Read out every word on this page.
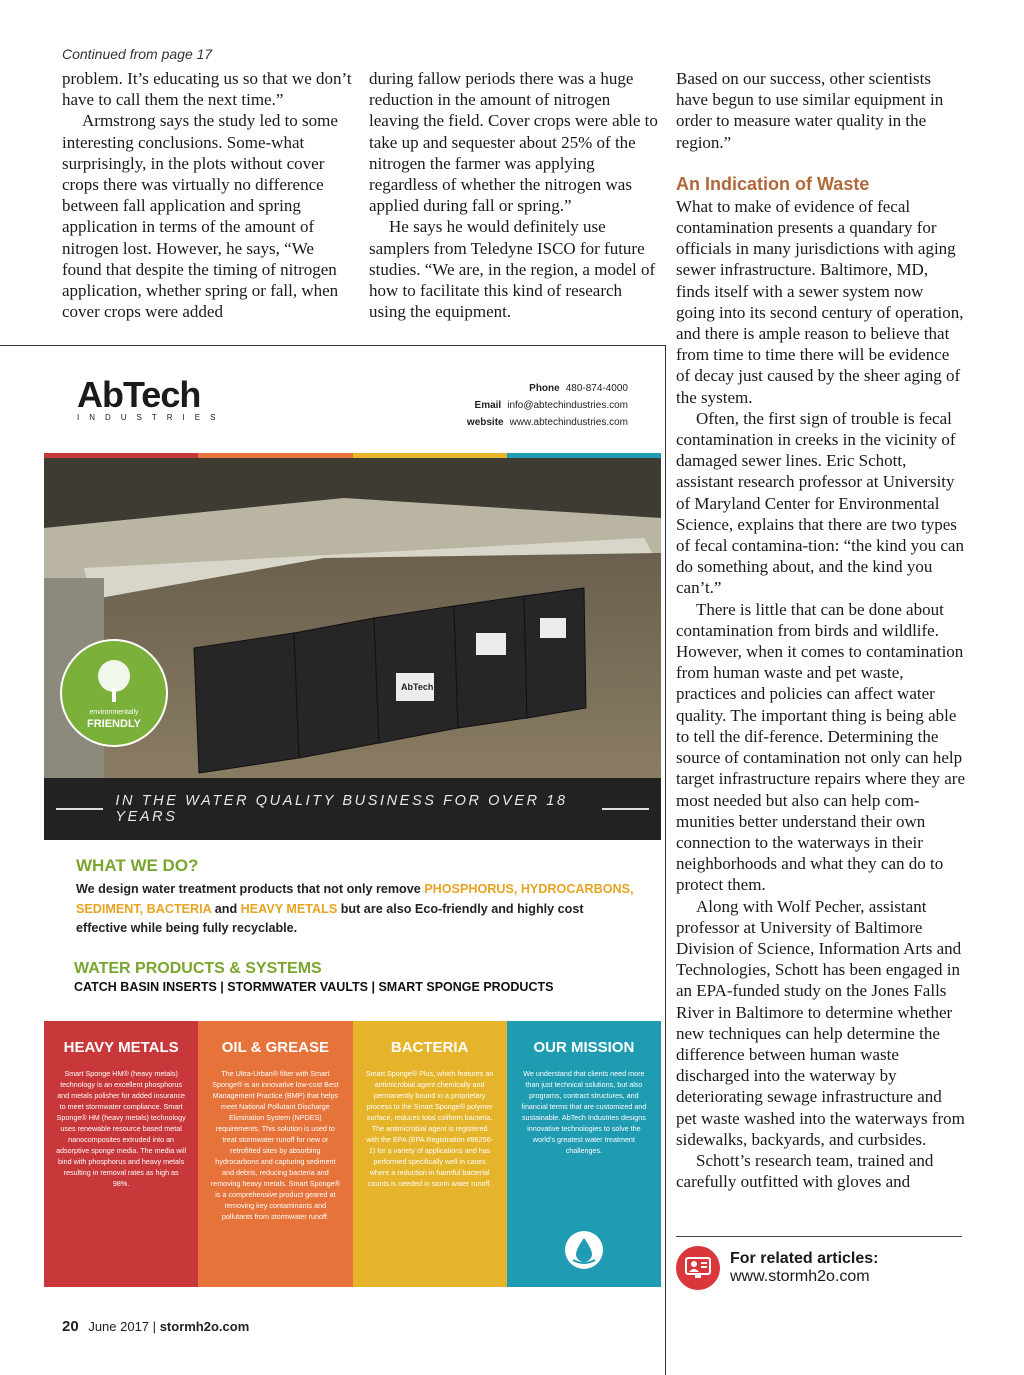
Continued from page 17

problem. It’s educating us so that we don’t have to call them the next time.”

Armstrong says the study led to some interesting conclusions. Some-what surprisingly, in the plots without cover crops there was virtually no difference between fall application and spring application in terms of the amount of nitrogen lost. However, he says, “We found that despite the timing of nitrogen application, whether spring or fall, when cover crops were added

during fallow periods there was a huge reduction in the amount of nitrogen leaving the field. Cover crops were able to take up and sequester about 25% of the nitrogen the farmer was applying regardless of whether the nitrogen was applied during fall or spring.”

He says he would definitely use samplers from Teledyne ISCO for future studies. “We are, in the region, a model of how to facilitate this kind of research using the equipment.

Based on our success, other scientists have begun to use similar equipment in order to measure water quality in the region.”

An Indication of Waste

What to make of evidence of fecal contamination presents a quandary for officials in many jurisdictions with aging sewer infrastructure. Baltimore, MD, finds itself with a sewer system now going into its second century of operation, and there is ample reason to believe that from time to time there will be evidence of decay just caused by the sheer aging of the system.

Often, the first sign of trouble is fecal contamination in creeks in the vicinity of damaged sewer lines. Eric Schott, assistant research professor at University of Maryland Center for Environmental Science, explains that there are two types of fecal contamina-tion: “the kind you can do something about, and the kind you can’t.”

There is little that can be done about contamination from birds and wildlife. However, when it comes to contamination from human waste and pet waste, practices and policies can affect water quality. The important thing is being able to tell the dif-ference. Determining the source of contamination not only can help target infrastructure repairs where they are most needed but also can help com-munities better understand their own connection to the waterways in their neighborhoods and what they can do to protect them.

Along with Wolf Pecher, assistant professor at University of Baltimore Division of Science, Information Arts and Technologies, Schott has been engaged in an EPA-funded study on the Jones Falls River in Baltimore to determine whether new techniques can help determine the difference between human waste discharged into the waterway by deteriorating sewage infrastructure and pet waste washed into the waterways from sidewalks, backyards, and curbsides.

Schott’s research team, trained and carefully outfitted with gloves and

AbTech
INDUSTRIES
Phone 480-874-4000
Email info@abtechindustries.com
website www.abtechindustries.com
AbTech
environmentally
FRIENDLY
IN THE WATER QUALITY BUSINESS FOR OVER 18 YEARS
WHAT WE DO?
We design water treatment products that not only remove PHOSPHORUS, HYDROCARBONS, SEDIMENT, BACTERIA and HEAVY METALS but are also Eco-friendly and highly cost effective while being fully recyclable.
WATER PRODUCTS & SYSTEMS
CATCH BASIN INSERTS | STORMWATER VAULTS | SMART SPONGE PRODUCTS
HEAVY METALS
Smart Sponge HM® (heavy metals) technology is an excellent phosphorus and metals polisher for added insurance to meet stormwater compliance. Smart Sponge® HM (heavy metals) technology uses renewable resource based metal nanocomposites extruded into an adsorptive sponge media. The media will bind with phosphorus and heavy metals resulting in removal rates as high as 98%.
OIL & GREASE
The Ultra-Urban® filter with Smart Sponge® is an innovative low-cost Best Management Practice (BMP) that helps meet National Pollutant Discharge Elimination System (NPDES) requirements. This solution is used to treat stormwater runoff for new or retrofitted sites by absorbing hydrocarbons and capturing sediment and debris, reducing bacteria and removing heavy metals. Smart Sponge® is a comprehensive product geared at removing key contaminants and pollutants from stormwater runoff.
BACTERIA
Smart Sponge® Plus, which features an antimicrobial agent chemically and permanently bound in a proprietary process to the Smart Sponge® polymer surface, reduces total coliform bacteria. The antimicrobial agent is registered with the EPA (EPA Registration #86256-1) for a variety of applications and has performed specifically well in cases where a reduction in harmful bacterial counts is needed in storm water runoff.
OUR MISSION
We understand that clients need more than just technical solutions, but also programs, contract structures, and financial terms that are customized and sustainable. AbTech Industries designs innovative technologies to solve the world’s greatest water treatment challenges.
For related articles:
www.stormh2o.com
20 June 2017 | stormh2o.com
